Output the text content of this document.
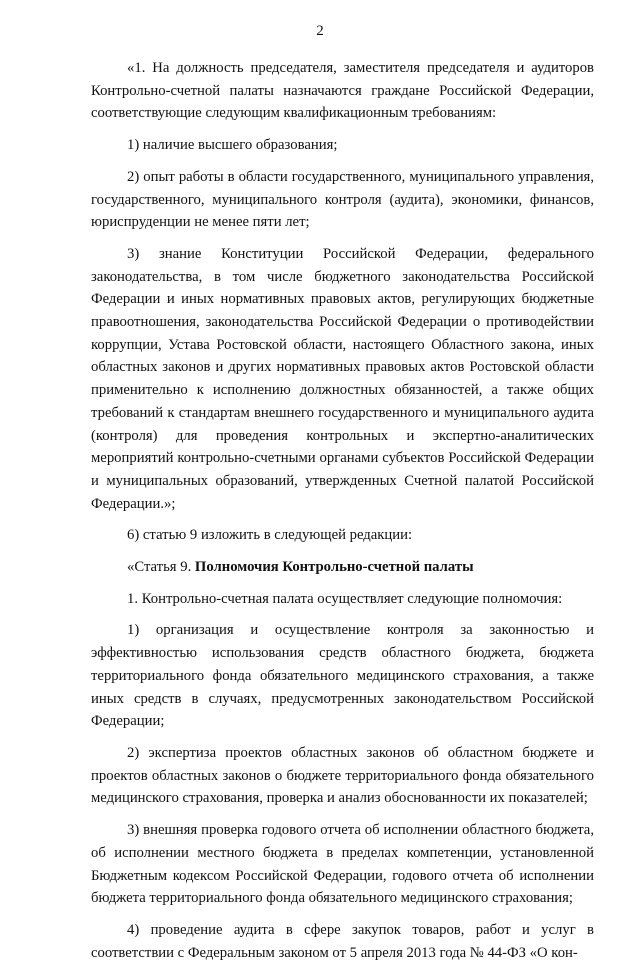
2

«1. На должность председателя, заместителя председателя и аудиторов Контрольно-счетной палаты назначаются граждане Российской Федерации, соответствующие следующим квалификационным требованиям:

1) наличие высшего образования;

2) опыт работы в области государственного, муниципального управления, государственного, муниципального контроля (аудита), экономики, финансов, юриспруденции не менее пяти лет;

3) знание Конституции Российской Федерации, федерального законодательства, в том числе бюджетного законодательства Российской Федерации и иных нормативных правовых актов, регулирующих бюджетные правоотношения, законодательства Российской Федерации о противодействии коррупции, Устава Ростовской области, настоящего Областного закона, иных областных законов и других нормативных правовых актов Ростовской области применительно к исполнению должностных обязанностей, а также общих требований к стандартам внешнего государственного и муниципального аудита (контроля) для проведения контрольных и экспертно-аналитических мероприятий контрольно-счетными органами субъектов Российской Федерации и муниципальных образований, утвержденных Счетной палатой Российской Федерации.»;

6) статью 9 изложить в следующей редакции:

«Статья 9. Полномочия Контрольно-счетной палаты

1. Контрольно-счетная палата осуществляет следующие полномочия:

1) организация и осуществление контроля за законностью и эффективностью использования средств областного бюджета, бюджета территориального фонда обязательного медицинского страхования, а также иных средств в случаях, предусмотренных законодательством Российской Федерации;

2) экспертиза проектов областных законов об областном бюджете и проектов областных законов о бюджете территориального фонда обязательного медицинского страхования, проверка и анализ обоснованности их показателей;

3) внешняя проверка годового отчета об исполнении областного бюджета, об исполнении местного бюджета в пределах компетенции, установленной Бюджетным кодексом Российской Федерации, годового отчета об исполнении бюджета территориального фонда обязательного медицинского страхования;

4) проведение аудита в сфере закупок товаров, работ и услуг в соответствии с Федеральным законом от 5 апреля 2013 года № 44-ФЗ «О кон-
